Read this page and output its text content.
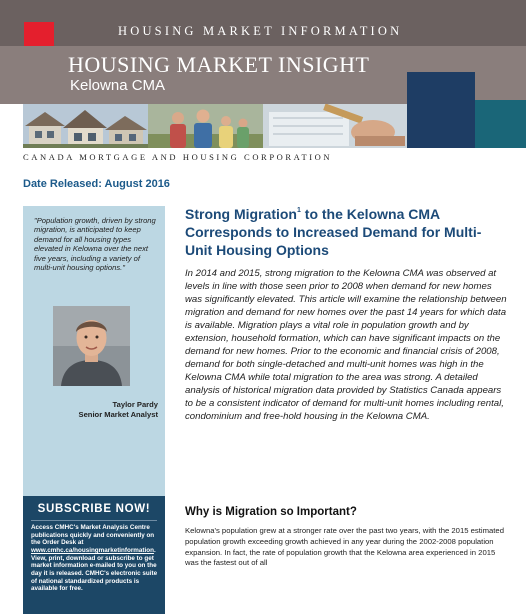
HOUSING MARKET INFORMATION
HOUSING MARKET INSIGHT
Kelowna CMA
CANADA MORTGAGE AND HOUSING CORPORATION
Date Released: August 2016
"Population growth, driven by strong migration, is anticipated to keep demand for all housing types elevated in Kelowna over the next five years, including a variety of multi-unit housing options."
Taylor Pardy
Senior Market Analyst
SUBSCRIBE NOW!
Access CMHC's Market Analysis Centre publications quickly and conveniently on the Order Desk at www.cmhc.ca/housingmarketinformation. View, print, download or subscribe to get market information e-mailed to you on the day it is released. CMHC's electronic suite of national standardized products is available for free.
Strong Migration$^1$ to the Kelowna CMA Corresponds to Increased Demand for Multi-Unit Housing Options
In 2014 and 2015, strong migration to the Kelowna CMA was observed at levels in line with those seen prior to 2008 when demand for new homes was significantly elevated. This article will examine the relationship between migration and demand for new homes over the past 14 years for which data is available. Migration plays a vital role in population growth and by extension, household formation, which can have significant impacts on the demand for new homes. Prior to the economic and financial crisis of 2008, demand for both single-detached and multi-unit homes was high in the Kelowna CMA while total migration to the area was strong. A detailed analysis of historical migration data provided by Statistics Canada appears to be a consistent indicator of demand for multi-unit homes including rental, condominium and free-hold housing in the Kelowna CMA.
Why is Migration so Important?
Kelowna's population grew at a stronger rate over the past two years, with the 2015 estimated population growth exceeding growth achieved in any year during the 2002-2008 population expansion. In fact, the rate of population growth that the Kelowna area experienced in 2015 was the fastest out of all
